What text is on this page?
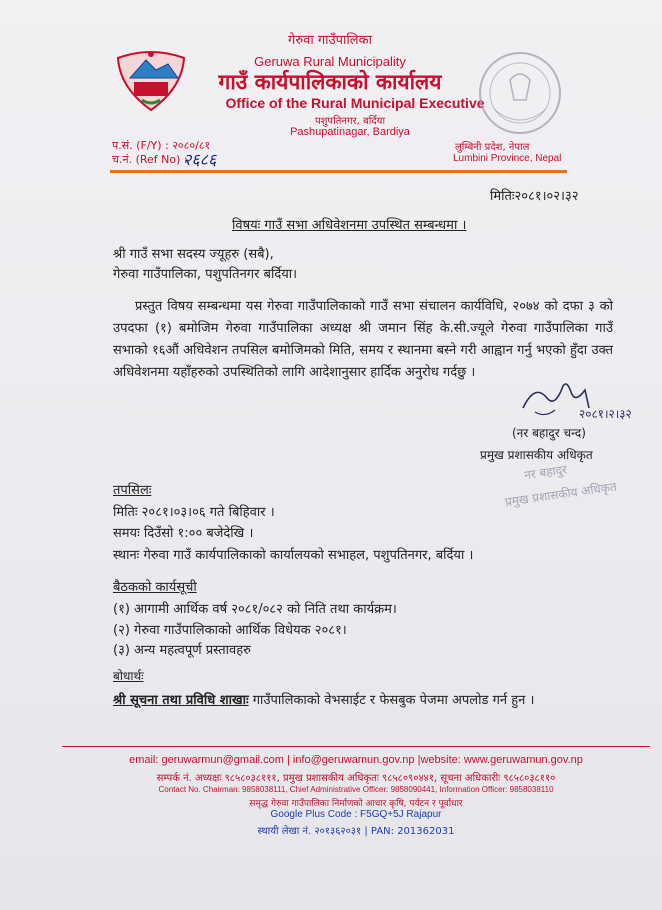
गेरुवा गाउँपालिका
Geruwa Rural Municipality
गाउँ कार्यपालिकाको कार्यालय
Office of the Rural Municipal Executive
पशुपतिनगर, बर्दिया
Pashupatinagar, Bardiya
प.सं. (F/Y) : २०८०/८१
च.नं. (Ref No) :
२६८६
लुम्बिनी प्रदेश, नेपाल
Lumbini Province, Nepal
मितिः२०८१।०२।३२
विषयः गाउँ सभा अधिवेशनमा उपस्थित सम्बन्धमा ।
श्री गाउँ सभा सदस्य ज्यूहरु (सबै),
गेरुवा गाउँपालिका, पशुपतिनगर बर्दिया।
प्रस्तुत विषय सम्बन्धमा यस गेरुवा गाउँपालिकाको गाउँ सभा संचालन कार्यविधि, २०७४ को दफा ३ को उपदफा (१) बमोजिम गेरुवा गाउँपालिका अध्यक्ष श्री जमान सिंह के.सी.ज्यूले गेरुवा गाउँपालिका गाउँ सभाको १६औं अधिवेशन तपसिल बमोजिमको मिति, समय र स्थानमा बस्ने गरी आह्वान गर्नु भएको हुँदा उक्त अधिवेशनमा यहाँहरुको उपस्थितिको लागि आदेशानुसार हार्दिक अनुरोध गर्दछु ।
२०८१।२।३२
(नर बहादुर चन्द)
प्रमुख प्रशासकीय अधिकृत
नर बहादुर
प्रमुख प्रशासकीय अधिकृत
तपसिलः
मितिः २०८१।०३।०६ गते बिहिवार ।
समयः दिउँसो १:०० बजेदेखि ।
स्थानः गेरुवा गाउँ कार्यपालिकाको कार्यालयको सभाहल, पशुपतिनगर, बर्दिया ।
बैठकको कार्यसूची
(१) आगामी आर्थिक वर्ष २०८१/०८२ को निति तथा कार्यक्रम।
(२) गेरुवा गाउँपालिकाको आर्थिक विधेयक २०८१।
(३) अन्य महत्वपूर्ण प्रस्तावहरु
बोधार्थः
श्री सूचना तथा प्रविधि शाखाः गाउँपालिकाको वेभसाईट र फेसबुक पेजमा अपलोड गर्न हुन ।
email: geruwarmun@gmail.com | info@geruwamun.gov.np |website: www.geruwamun.gov.np
सम्पर्क नं. अध्यक्षः ९८५८०३८१११, प्रमुख प्रशासकीय अधिकृतः ९८५८०९०४४१, सूचना अधिकारीः ९८५८०३८११०
Contact No. Chairman: 9858038111, Chief Administrative Officer: 9858090441, Information Officer: 9858038110
समृद्ध गेरुवा गाउँपालिका निर्माणको आधार कृषि, पर्यटन र पूर्वाधार
Google Plus Code : F5GQ+5J Rajapur
स्थायी लेखा नं. २०१३६२०३१ | PAN: 201362031
